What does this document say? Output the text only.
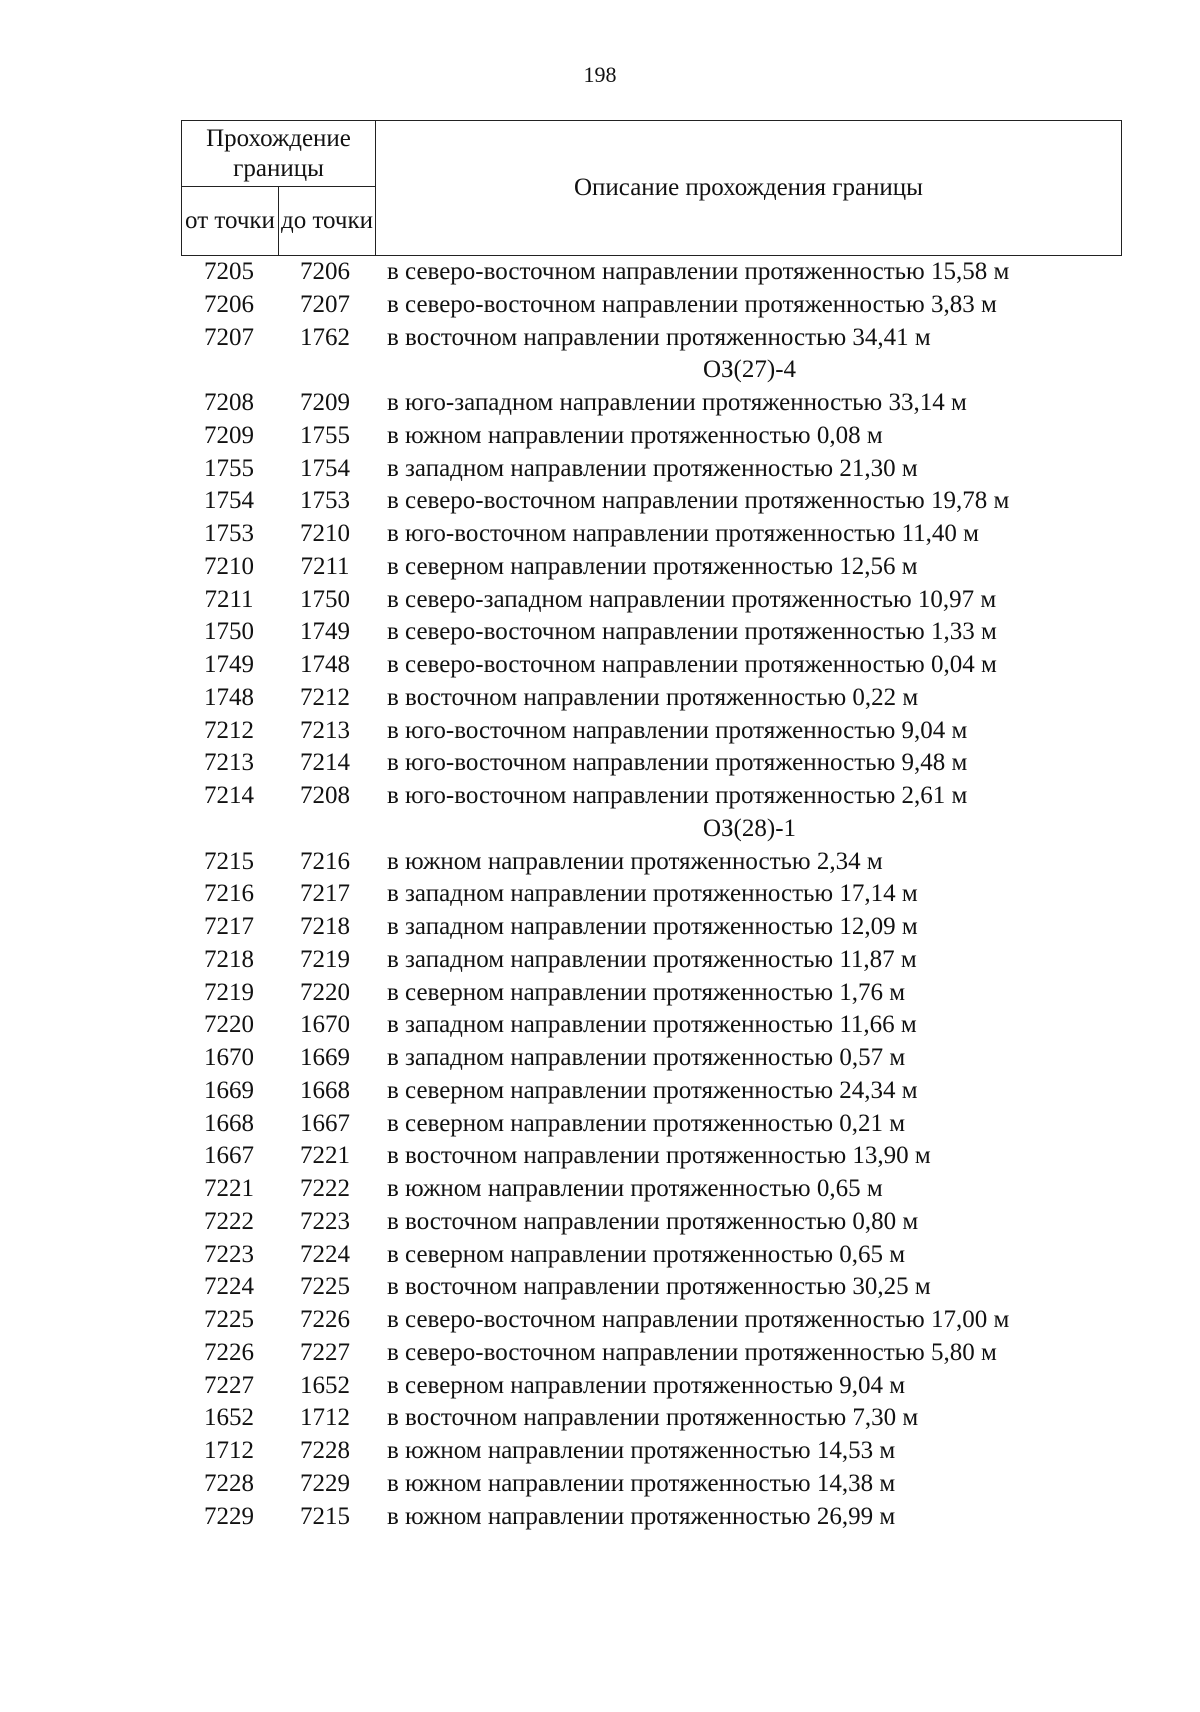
198
Прохождение границы		Описание прохождения границы
от точки	до точки	
7205	7206	в северо-восточном направлении протяженностью 15,58 м
7206	7207	в северо-восточном направлении протяженностью 3,83 м
7207	1762	в восточном направлении протяженностью 34,41 м
ОЗ(27)-4
7208	7209	в юго-западном направлении протяженностью 33,14 м
7209	1755	в южном направлении протяженностью 0,08 м
1755	1754	в западном направлении протяженностью 21,30 м
1754	1753	в северо-восточном направлении протяженностью 19,78 м
1753	7210	в юго-восточном направлении протяженностью 11,40 м
7210	7211	в северном направлении протяженностью 12,56 м
7211	1750	в северо-западном направлении протяженностью 10,97 м
1750	1749	в северо-восточном направлении протяженностью 1,33 м
1749	1748	в северо-восточном направлении протяженностью 0,04 м
1748	7212	в восточном направлении протяженностью 0,22 м
7212	7213	в юго-восточном направлении протяженностью 9,04 м
7213	7214	в юго-восточном направлении протяженностью 9,48 м
7214	7208	в юго-восточном направлении протяженностью 2,61 м
ОЗ(28)-1
7215	7216	в южном направлении протяженностью 2,34 м
7216	7217	в западном направлении протяженностью 17,14 м
7217	7218	в западном направлении протяженностью 12,09 м
7218	7219	в западном направлении протяженностью 11,87 м
7219	7220	в северном направлении протяженностью 1,76 м
7220	1670	в западном направлении протяженностью 11,66 м
1670	1669	в западном направлении протяженностью 0,57 м
1669	1668	в северном направлении протяженностью 24,34 м
1668	1667	в северном направлении протяженностью 0,21 м
1667	7221	в восточном направлении протяженностью 13,90 м
7221	7222	в южном направлении протяженностью 0,65 м
7222	7223	в восточном направлении протяженностью 0,80 м
7223	7224	в северном направлении протяженностью 0,65 м
7224	7225	в восточном направлении протяженностью 30,25 м
7225	7226	в северо-восточном направлении протяженностью 17,00 м
7226	7227	в северо-восточном направлении протяженностью 5,80 м
7227	1652	в северном направлении протяженностью 9,04 м
1652	1712	в восточном направлении протяженностью 7,30 м
1712	7228	в южном направлении протяженностью 14,53 м
7228	7229	в южном направлении протяженностью 14,38 м
7229	7215	в южном направлении протяженностью 26,99 м
